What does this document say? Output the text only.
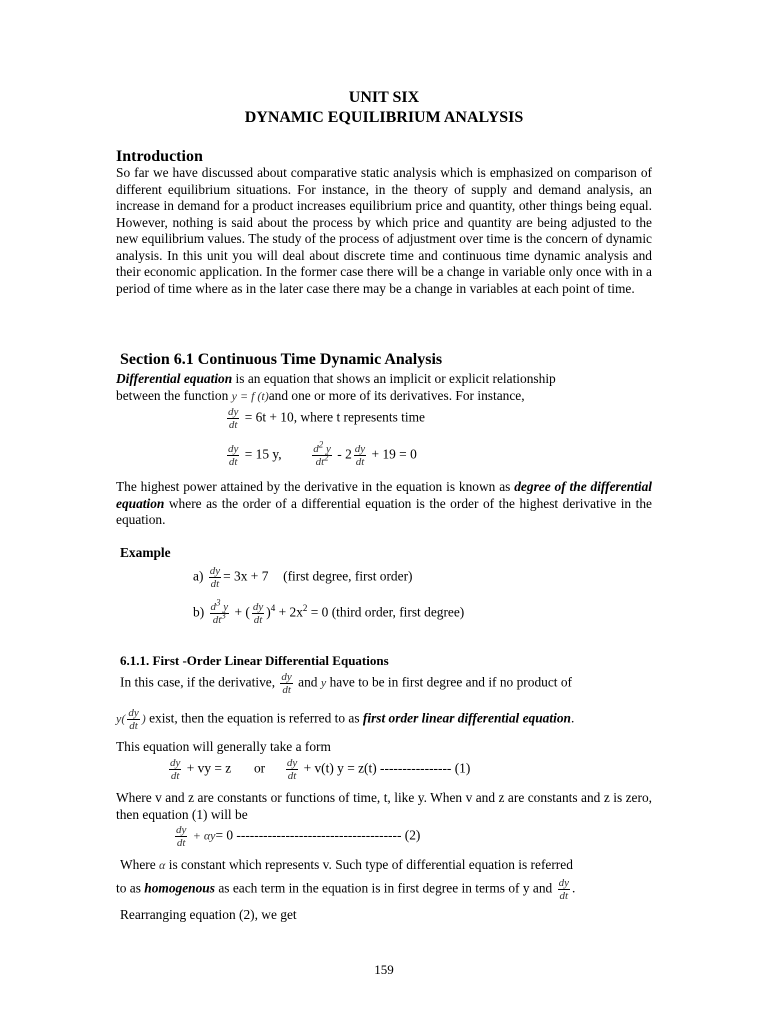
UNIT SIX
DYNAMIC EQUILIBRIUM ANALYSIS
Introduction

So far we have discussed about comparative static analysis which is emphasized on comparison of different equilibrium situations. For instance, in the theory of supply and demand analysis, an increase in demand for a product increases equilibrium price and quantity, other things being equal. However, nothing is said about the process by which price and quantity are being adjusted to the new equilibrium values. The study of the process of adjustment over time is the concern of dynamic analysis. In this unit you will deal about discrete time and continuous time dynamic analysis and their economic application. In the former case there will be a change in variable only once with in a period of time where as in the later case there may be a change in variables at each point of time.

Section 6.1 Continuous Time Dynamic Analysis
Differential equation is an equation that shows an implicit or explicit relationship
between the function y = f (t)and one or more of its derivatives. For instance,
$\frac{dy}{dt} = 6t + 10$, where t represents time
$\frac{dy}{dt} = 15$ y,	$\frac{d^2 y}{dt^2} - 2 \frac{dy}{dt} + 19 = 0$

The highest power attained by the derivative in the equation is known as degree of the differential equation where as the order of a differential equation is the order of the highest derivative in the equation.

Example
$a) \frac{dy}{dt} = 3x + 7$ (first degree, first order)
$b) \frac{d^3 y}{dt^3}$ + ( $\frac{dy}{dt} )^4 + 2x^2 = 0$ (third order, first degree)
6.1.1. First -Order Linear Differential Equations
In this case, if the derivative, $\frac{dy}{dt}$ and y have to be in first degree and if no product of
$y( \frac{dy}{dt}$ ) exist, then the equation is referred to as first order linear differential equation.
This equation will generally take a form
$\frac{dy}{dt}$ + vy = z or $\frac{dy}{dt} + v(t) y = z(t)$ ---------------- (1)

Where v and z are constants or functions of time, t, like y. When v and z are constants and z is zero, then equation (1) will be

$\frac{dy}{dt} + \alpha y= 0$ ------------------------------------- (2)
Where α is constant which represents v. Such type of differential equation is referred
to as homogenous as each term in the equation is in first degree in terms of y and $\frac{dy}{dt}$ .
Rearranging equation (2), we get
159
